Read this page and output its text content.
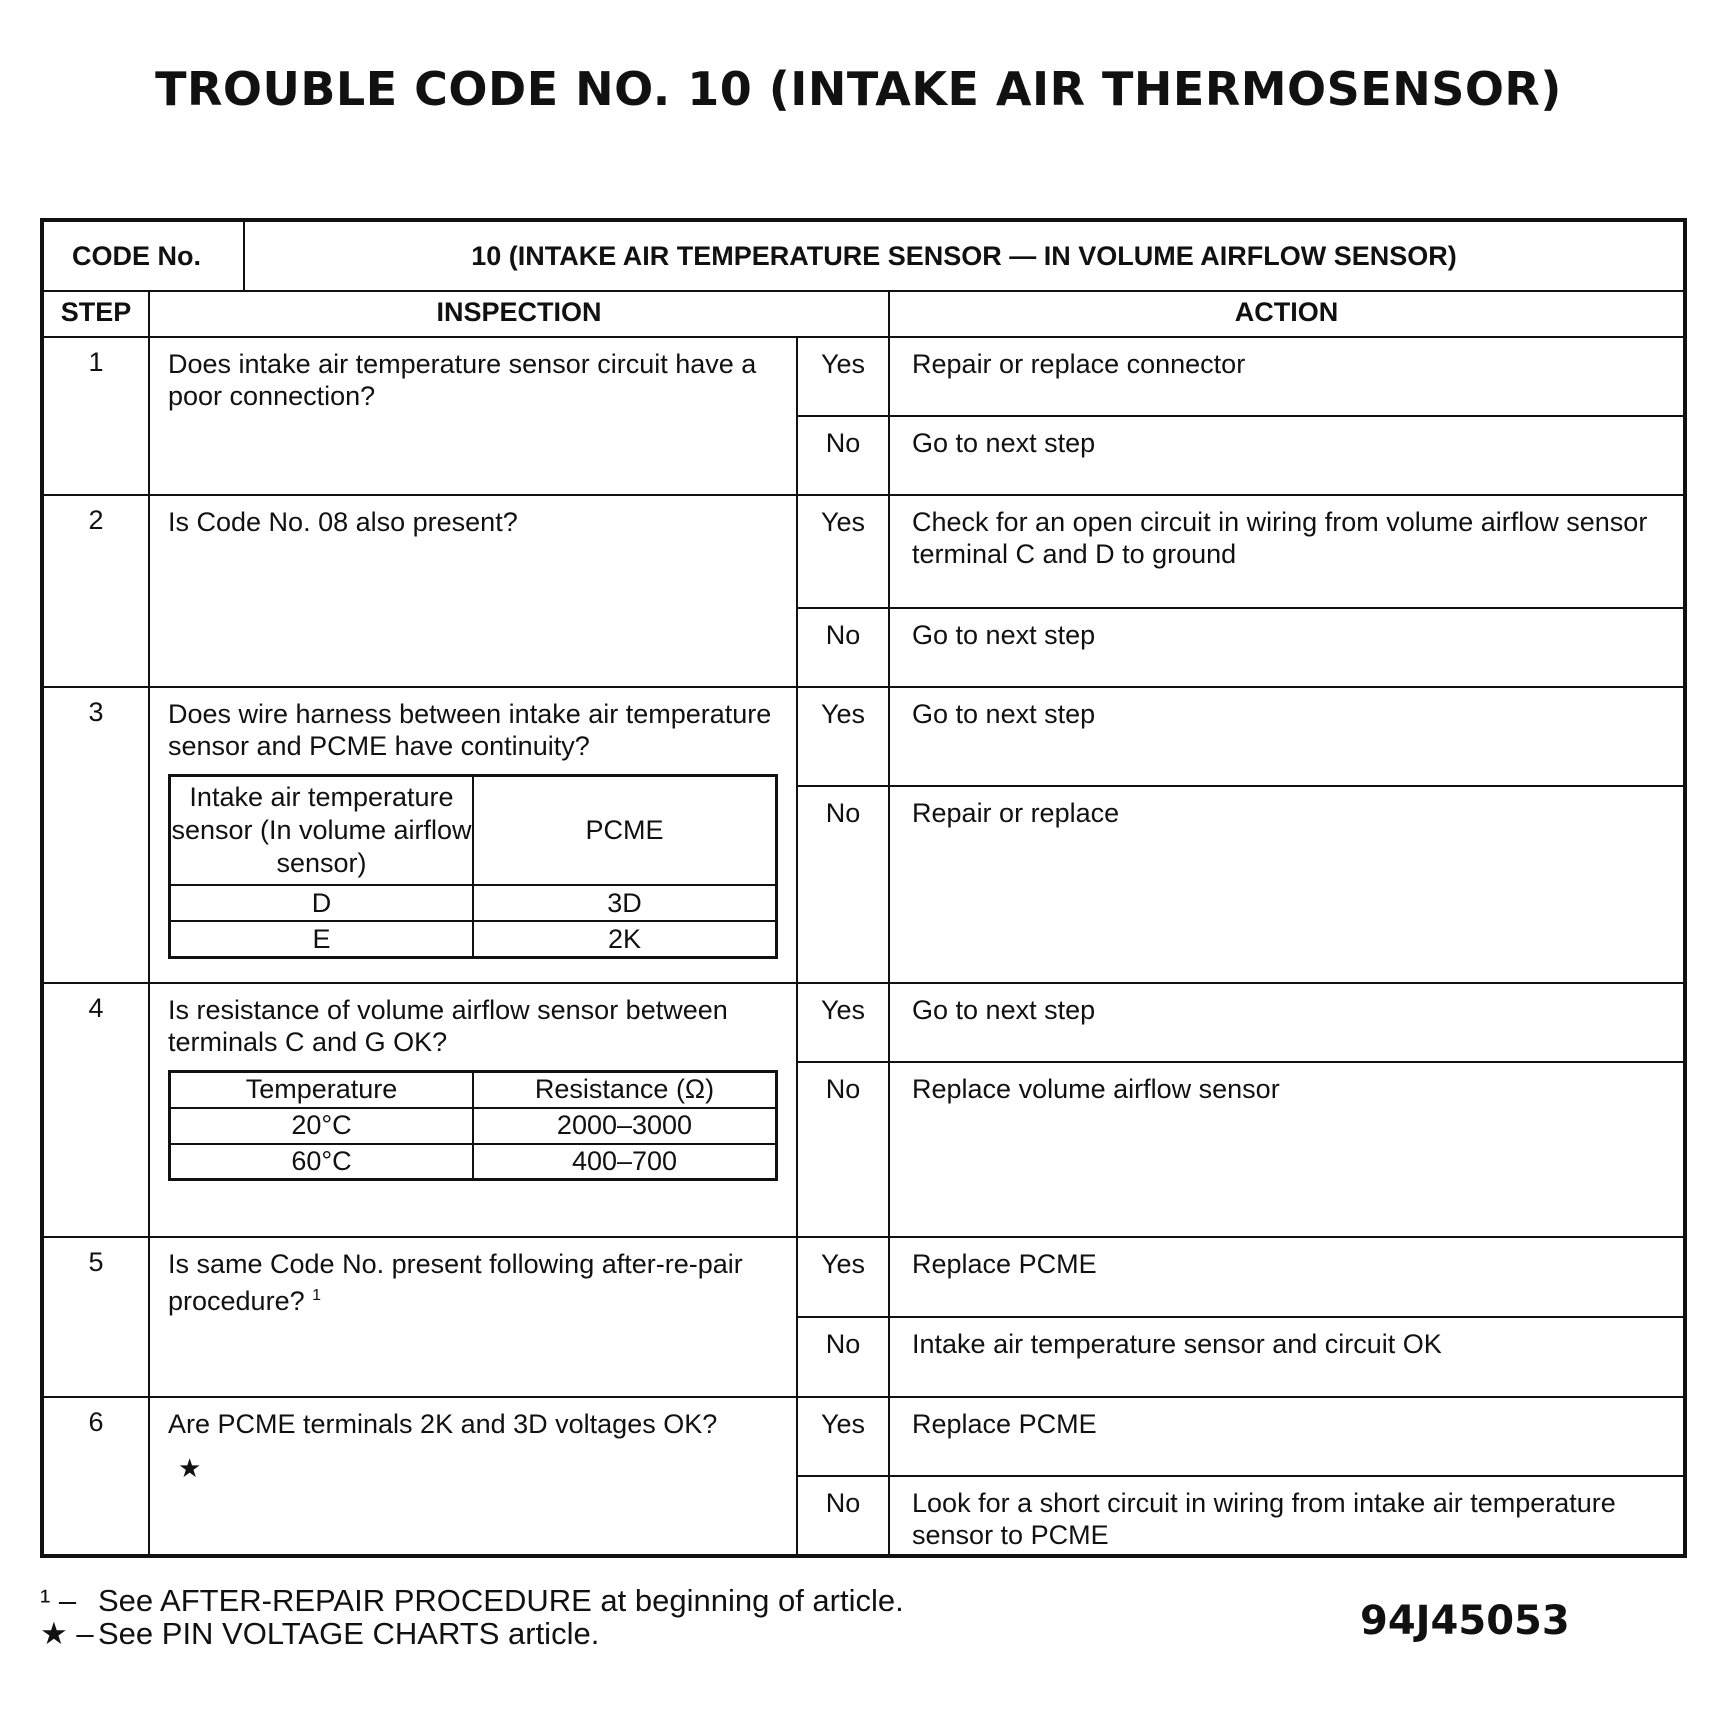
TROUBLE CODE NO. 10 (INTAKE AIR THERMOSENSOR)
CODE No.	10 (INTAKE AIR TEMPERATURE SENSOR — IN VOLUME AIRFLOW SENSOR)
STEP	INSPECTION	ACTION
1	Does intake air temperature sensor circuit have a poor connection?	Yes	Repair or replace connector
No	Go to next step
2	Is Code No. 08 also present?	Yes	Check for an open circuit in wiring from volume airflow sensor terminal C and D to ground
No	Go to next step
3	Does wire harness between intake air temperature sensor and PCME have continuity?
Intake air temperature sensor (In volume airflow sensor)	PCME
D	3D
E	2K
	Yes	Go to next step
No	Repair or replace
4	Is resistance of volume airflow sensor between terminals C and G OK?
Temperature	Resistance (Ω)
20°C	2000–3000
60°C	400–700
	Yes	Go to next step
No	Replace volume airflow sensor
5	Is same Code No. present following after-re-pair procedure? $^1$	Yes	Replace PCME
No	Intake air temperature sensor and circuit OK
6	Are PCME terminals 2K and 3D voltages OK?
★
	Yes	Replace PCME
No	Look for a short circuit in wiring from intake air temperature sensor to PCME
¹ – See AFTER-REPAIR PROCEDURE at beginning of article.
★ – See PIN VOLTAGE CHARTS article.	94J45053
